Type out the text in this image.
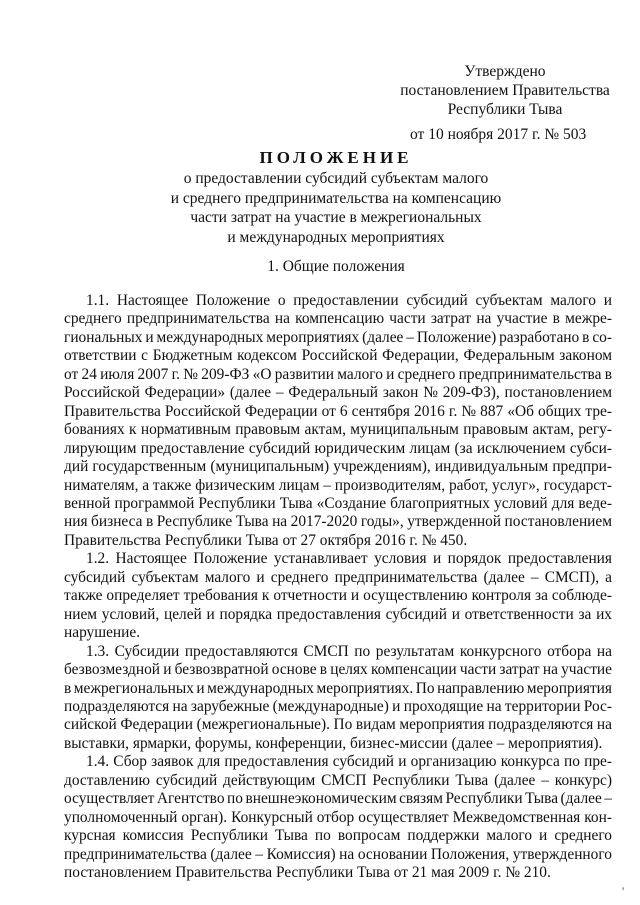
Утверждено
постановлением Правительства
Республики Тыва
от 10 ноября 2017 г. № 503
ПОЛОЖЕНИЕ
о предоставлении субсидий субъектам малого
и среднего предпринимательства на компенсацию
части затрат на участие в межрегиональных
и международных мероприятиях
1. Общие положения

1.1. Настоящее Положение о предоставлении субсидий субъектам малого и
среднего предпринимательства на компенсацию части затрат на участие в межре-
гиональных и международных мероприятиях (далее – Положение) разработано в со-
ответствии с Бюджетным кодексом Российской Федерации, Федеральным законом
от 24 июля 2007 г. № 209-ФЗ «О развитии малого и среднего предпринимательства в
Российской Федерации» (далее – Федеральный закон № 209-ФЗ), постановлением
Правительства Российской Федерации от 6 сентября 2016 г. № 887 «Об общих тре-
бованиях к нормативным правовым актам, муниципальным правовым актам, регу-
лирующим предоставление субсидий юридическим лицам (за исключением субси-
дий государственным (муниципальным) учреждениям), индивидуальным предпри-
нимателям, а также физическим лицам – производителям, работ, услуг», государст-
венной программой Республики Тыва «Создание благоприятных условий для веде-
ния бизнеса в Республике Тыва на 2017-2020 годы», утвержденной постановлением
Правительства Республики Тыва от 27 октября 2016 г. № 450.

1.2. Настоящее Положение устанавливает условия и порядок предоставления
субсидий субъектам малого и среднего предпринимательства (далее – СМСП), а
также определяет требования к отчетности и осуществлению контроля за соблюде-
нием условий, целей и порядка предоставления субсидий и ответственности за их
нарушение.

1.3. Субсидии предоставляются СМСП по результатам конкурсного отбора на
безвозмездной и безвозвратной основе в целях компенсации части затрат на участие
в межрегиональных и международных мероприятиях. По направлению мероприятия
подразделяются на зарубежные (международные) и проходящие на территории Рос-
сийской Федерации (межрегиональные). По видам мероприятия подразделяются на
выставки, ярмарки, форумы, конференции, бизнес-миссии (далее – мероприятия).

1.4. Сбор заявок для предоставления субсидий и организацию конкурса по пре-
доставлению субсидий действующим СМСП Республики Тыва (далее – конкурс)
осуществляет Агентство по внешнеэкономическим связям Республики Тыва (далее –
уполномоченный орган). Конкурсный отбор осуществляет Межведомственная кон-
курсная комиссия Республики Тыва по вопросам поддержки малого и среднего
предпринимательства (далее – Комиссия) на основании Положения, утвержденного
постановлением Правительства Республики Тыва от 21 мая 2009 г. № 210.

'
